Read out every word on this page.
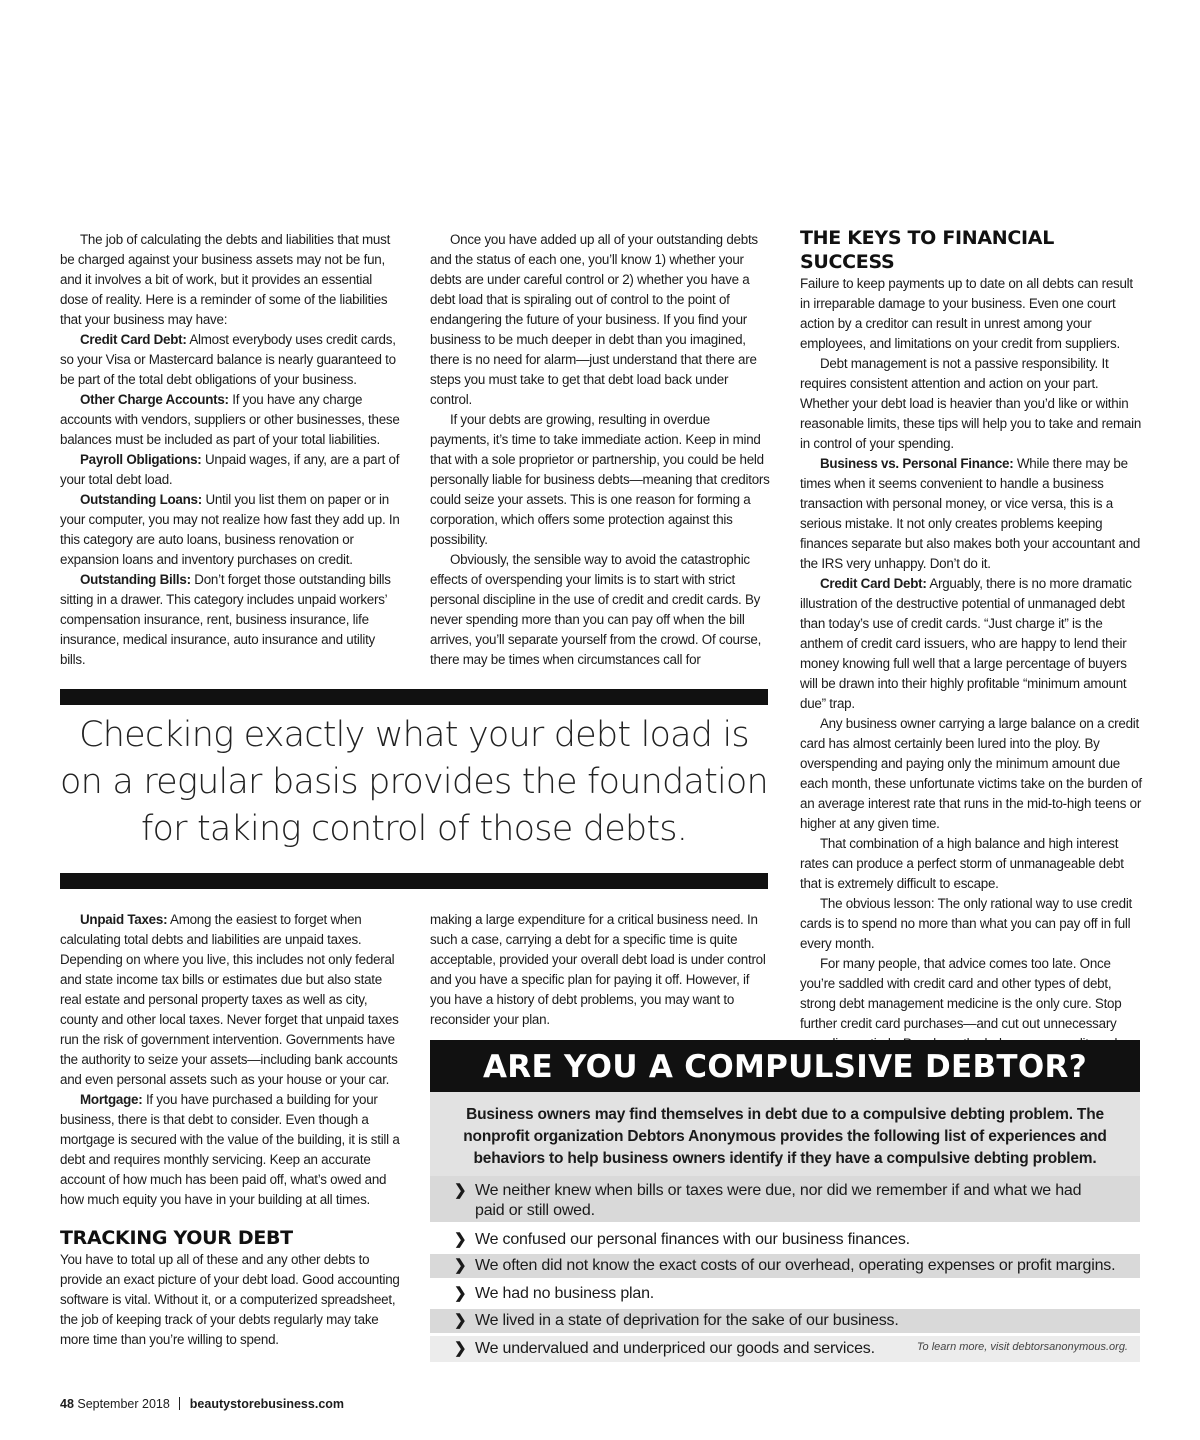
The job of calculating the debts and liabilities that must be charged against your business assets may not be fun, and it involves a bit of work, but it provides an essential dose of reality. Here is a reminder of some of the liabilities that your business may have:

Credit Card Debt: Almost everybody uses credit cards, so your Visa or Mastercard balance is nearly guaranteed to be part of the total debt obligations of your business.

Other Charge Accounts: If you have any charge accounts with vendors, suppliers or other businesses, these balances must be included as part of your total liabilities.

Payroll Obligations: Unpaid wages, if any, are a part of your total debt load.

Outstanding Loans: Until you list them on paper or in your computer, you may not realize how fast they add up. In this category are auto loans, business renovation or expansion loans and inventory purchases on credit.

Outstanding Bills: Don’t forget those outstanding bills sitting in a drawer. This category includes unpaid workers’ compensation insurance, rent, business insurance, life insurance, medical insurance, auto insurance and utility bills.

Once you have added up all of your outstanding debts and the status of each one, you’ll know 1) whether your debts are under careful control or 2) whether you have a debt load that is spiraling out of control to the point of endangering the future of your business. If you find your business to be much deeper in debt than you imagined, there is no need for alarm—just understand that there are steps you must take to get that debt load back under control.

If your debts are growing, resulting in overdue payments, it’s time to take immediate action. Keep in mind that with a sole proprietor or partnership, you could be held personally liable for business debts—meaning that creditors could seize your assets. This is one reason for forming a corporation, which offers some protection against this possibility.

Obviously, the sensible way to avoid the catastrophic effects of overspending your limits is to start with strict personal discipline in the use of credit and credit cards. By never spending more than you can pay off when the bill arrives, you’ll separate yourself from the crowd. Of course, there may be times when circumstances call for

THE KEYS TO FINANCIAL SUCCESS

Failure to keep payments up to date on all debts can result in irreparable damage to your business. Even one court action by a creditor can result in unrest among your employees, and limitations on your credit from suppliers.

Debt management is not a passive responsibility. It requires consistent attention and action on your part. Whether your debt load is heavier than you’d like or within reasonable limits, these tips will help you to take and remain in control of your spending.

Business vs. Personal Finance: While there may be times when it seems convenient to handle a business transaction with personal money, or vice versa, this is a serious mistake. It not only creates problems keeping finances separate but also makes both your accountant and the IRS very unhappy. Don’t do it.

Credit Card Debt: Arguably, there is no more dramatic illustration of the destructive potential of unmanaged debt than today’s use of credit cards. “Just charge it” is the anthem of credit card issuers, who are happy to lend their money knowing full well that a large percentage of buyers will be drawn into their highly profitable “minimum amount due” trap.

Any business owner carrying a large balance on a credit card has almost certainly been lured into the ploy. By overspending and paying only the minimum amount due each month, these unfortunate victims take on the burden of an average interest rate that runs in the mid-to-high teens or higher at any given time.

That combination of a high balance and high interest rates can produce a perfect storm of unmanageable debt that is extremely difficult to escape.

The obvious lesson: The only rational way to use credit cards is to spend no more than what you can pay off in full every month.

For many people, that advice comes too late. Once you’re saddled with credit card and other types of debt, strong debt management medicine is the only cure. Stop further credit card purchases—and cut out unnecessary

Checking exactly what your debt load is on a regular basis provides the foundation for taking control of those debts.

Unpaid Taxes: Among the easiest to forget when calculating total debts and liabilities are unpaid taxes. Depending on where you live, this includes not only federal and state income tax bills or estimates due but also state real estate and personal property taxes as well as city, county and other local taxes. Never forget that unpaid taxes run the risk of government intervention. Governments have the authority to seize your assets—including bank accounts and even personal assets such as your house or your car.

Mortgage: If you have purchased a building for your business, there is that debt to consider. Even though a mortgage is secured with the value of the building, it is still a debt and requires monthly servicing. Keep an accurate account of how much has been paid off, what’s owed and how much equity you have in your building at all times.

TRACKING YOUR DEBT

You have to total up all of these and any other debts to provide an exact picture of your debt load. Good accounting software is vital. Without it, or a computerized spreadsheet, the job of keeping track of your debts regularly may take more time than you’re willing to spend.

making a large expenditure for a critical business need. In such a case, carrying a debt for a specific time is quite acceptable, provided your overall debt load is under control and you have a specific plan for paying it off. However, if you have a history of debt problems, you may want to reconsider your plan.

ARE YOU A COMPULSIVE DEBTOR?
Business owners may find themselves in debt due to a compulsive debting problem. The nonprofit organization Debtors Anonymous provides the following list of experiences and behaviors to help business owners identify if they have a compulsive debting problem.
❯ We neither knew when bills or taxes were due, nor did we remember if and what we had paid or still owed.
❯ We confused our personal finances with our business finances.
❯ We often did not know the exact costs of our overhead, operating expenses or profit margins.
❯ We had no business plan.
❯ We lived in a state of deprivation for the sake of our business.
❯ We undervalued and underpriced our goods and services.	To learn more, visit debtorsanonymous.org.
48 September 2018 beautystorebusiness.com
